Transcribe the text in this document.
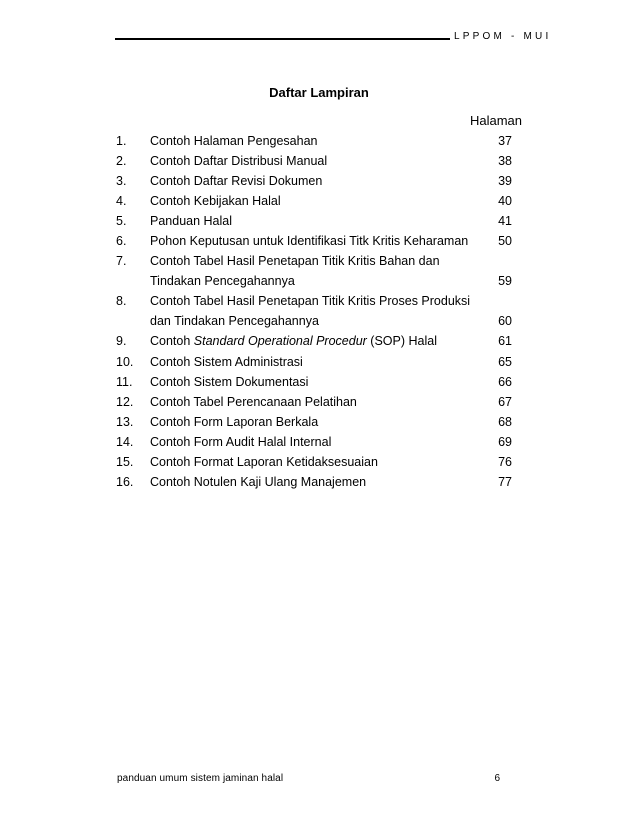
LPPOM - MUI
Daftar Lampiran
Halaman
1. Contoh Halaman Pengesahan	37
2. Contoh Daftar Distribusi Manual	38
3. Contoh Daftar Revisi Dokumen	39
4. Contoh Kebijakan Halal	40
5. Panduan Halal	41
6. Pohon Keputusan untuk Identifikasi Titk Kritis Keharaman	50
7. Contoh Tabel Hasil Penetapan Titik Kritis Bahan dan
Tindakan Pencegahannya	59
8. Contoh Tabel Hasil Penetapan Titik Kritis Proses Produksi
dan Tindakan Pencegahannya	60
9. Contoh Standard Operational Procedur (SOP) Halal	61
10. Contoh Sistem Administrasi	65
11. Contoh Sistem Dokumentasi	66
12. Contoh Tabel Perencanaan Pelatihan	67
13. Contoh Form Laporan Berkala	68
14. Contoh Form Audit Halal Internal	69
15. Contoh Format Laporan Ketidaksesuaian	76
16. Contoh Notulen Kaji Ulang Manajemen	77
panduan umum sistem jaminan halal	6
